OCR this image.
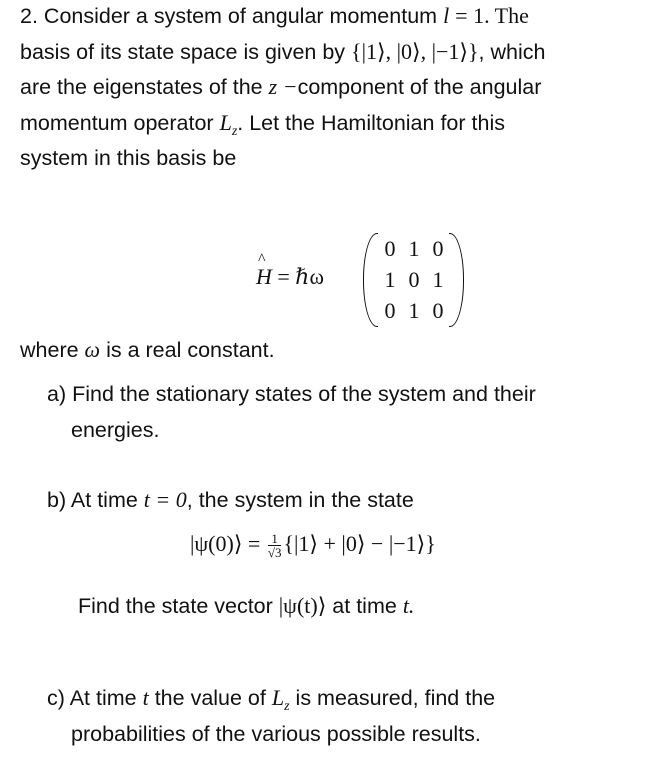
2. Consider a system of angular momentum l = 1. The
basis of its state space is given by {|1⟩, |0⟩, |−1⟩}, which
are the eigenstates of the z −component of the angular
momentum operator $L_z$. Let the Hamiltonian for this
system in this basis be
^ H = ℏω
0 1 0
1 0 1
0 1 0
where ω is a real constant.
a) Find the stationary states of the system and their
energies.
b) At time t = 0, the system in the state
|ψ(0)⟩ = $\frac{1}{√3}$ {|1⟩ + |0⟩ − |−1⟩}
Find the state vector |ψ(t)⟩ at time t.
c) At time t the value of $L_z$ is measured, find the
probabilities of the various possible results.
